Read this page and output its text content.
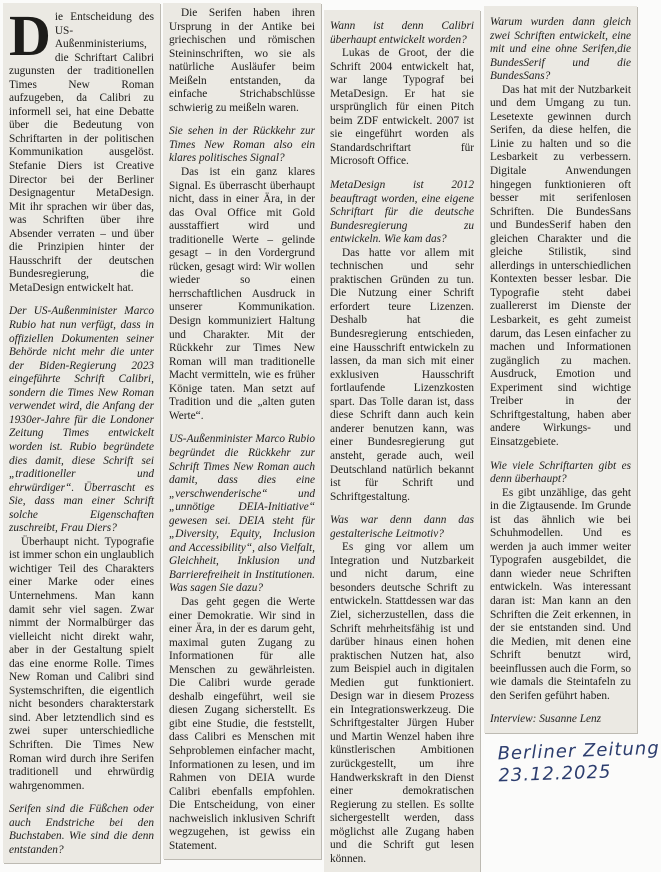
Die Entscheidung des US-Außenministeriums, die Schriftart Calibri zugunsten der traditionellen Times New Roman aufzugeben, da Calibri zu informell sei, hat eine Debatte über die Bedeutung von Schriftarten in der politischen Kommunikation ausgelöst. Stefanie Diers ist Creative Director bei der Berliner Designagentur MetaDesign. Mit ihr sprachen wir über das, was Schriften über ihre Absender verraten – und über die Prinzipien hinter der Hausschrift der deutschen Bundesregierung, die MetaDesign entwickelt hat.

Der US-Außenminister Marco Rubio hat nun verfügt, dass in offiziellen Dokumenten seiner Behörde nicht mehr die unter der Biden-Regierung 2023 eingeführte Schrift Calibri, sondern die Times New Roman verwendet wird, die Anfang der 1930er-Jahre für die Londoner Zeitung Times entwickelt worden ist. Rubio begründete dies damit, diese Schrift sei „traditioneller und ehrwürdiger“. Überrascht es Sie, dass man einer Schrift solche Eigenschaften zuschreibt, Frau Diers?

Überhaupt nicht. Typografie ist immer schon ein unglaublich wichtiger Teil des Charakters einer Marke oder eines Unternehmens. Man kann damit sehr viel sagen. Zwar nimmt der Normalbürger das vielleicht nicht direkt wahr, aber in der Gestaltung spielt das eine enorme Rolle. Times New Roman und Calibri sind Systemschriften, die eigentlich nicht besonders charakterstark sind. Aber letztendlich sind es zwei super unterschiedliche Schriften. Die Times New Roman wird durch ihre Serifen traditionell und ehrwürdig wahrgenommen.

Serifen sind die Füßchen oder auch Endstriche bei den Buchstaben. Wie sind die denn entstanden?

Die Serifen haben ihren Ursprung in der Antike bei griechischen und römischen Steininschriften, wo sie als natürliche Ausläufer beim Meißeln entstanden, da einfache Strichabschlüsse schwierig zu meißeln waren.

Sie sehen in der Rückkehr zur Times New Roman also ein klares politisches Signal?

Das ist ein ganz klares Signal. Es überrascht überhaupt nicht, dass in einer Ära, in der das Oval Office mit Gold ausstaffiert wird und traditionelle Werte – gelinde gesagt – in den Vordergrund rücken, gesagt wird: Wir wollen wieder so einen herrschaftlichen Ausdruck in unserer Kommunikation. Design kommuniziert Haltung und Charakter. Mit der Rückkehr zur Times New Roman will man traditionelle Macht vermitteln, wie es früher Könige taten. Man setzt auf Tradition und die „alten guten Werte“.

US-Außenminister Marco Rubio begründet die Rückkehr zur Schrift Times New Roman auch damit, dass dies eine „verschwenderische“ und „unnötige DEIA-Initiative“ gewesen sei. DEIA steht für „Diversity, Equity, Inclusion and Accessibility“, also Vielfalt, Gleichheit, Inklusion und Barrierefreiheit in Institutionen. Was sagen Sie dazu?

Das geht gegen die Werte einer Demokratie. Wir sind in einer Ära, in der es darum geht, maximal guten Zugang zu Informationen für alle Menschen zu gewährleisten. Die Calibri wurde gerade deshalb eingeführt, weil sie diesen Zugang sicherstellt. Es gibt eine Studie, die feststellt, dass Calibri es Menschen mit Sehproblemen einfacher macht, Informationen zu lesen, und im Rahmen von DEIA wurde Calibri ebenfalls empfohlen. Die Entscheidung, von einer nachweislich inklusiven Schrift wegzugehen, ist gewiss ein Statement.

Wann ist denn Calibri überhaupt entwickelt worden?

Lukas de Groot, der die Schrift 2004 entwickelt hat, war lange Typograf bei MetaDesign. Er hat sie ursprünglich für einen Pitch beim ZDF entwickelt. 2007 ist sie eingeführt worden als Standardschriftart für Microsoft Office.

MetaDesign ist 2012 beauftragt worden, eine eigene Schriftart für die deutsche Bundesregierung zu entwickeln. Wie kam das?

Das hatte vor allem mit technischen und sehr praktischen Gründen zu tun. Die Nutzung einer Schrift erfordert teure Lizenzen. Deshalb hat die Bundesregierung entschieden, eine Hausschrift entwickeln zu lassen, da man sich mit einer exklusiven Hausschrift fortlaufende Lizenzkosten spart. Das Tolle daran ist, dass diese Schrift dann auch kein anderer benutzen kann, was einer Bundesregierung gut ansteht, gerade auch, weil Deutschland natürlich bekannt ist für Schrift und Schriftgestaltung.

Was war denn dann das gestalterische Leitmotiv?

Es ging vor allem um Integration und Nutzbarkeit und nicht darum, eine besonders deutsche Schrift zu entwickeln. Stattdessen war das Ziel, sicherzustellen, dass die Schrift mehrheitsfähig ist und darüber hinaus einen hohen praktischen Nutzen hat, also zum Beispiel auch in digitalen Medien gut funktioniert. Design war in diesem Prozess ein Integrationswerkzeug. Die Schriftgestalter Jürgen Huber und Martin Wenzel haben ihre künstlerischen Ambitionen zurückgestellt, um ihre Handwerkskraft in den Dienst einer demokratischen Regierung zu stellen. Es sollte sichergestellt werden, dass möglichst alle Zugang haben und die Schrift gut lesen können.

Warum wurden dann gleich zwei Schriften entwickelt, eine mit und eine ohne Serifen,die BundesSerif und die BundesSans?

Das hat mit der Nutzbarkeit und dem Umgang zu tun. Lesetexte gewinnen durch Serifen, da diese helfen, die Linie zu halten und so die Lesbarkeit zu verbessern. Digitale Anwendungen hingegen funktionieren oft besser mit serifenlosen Schriften. Die BundesSans und BundesSerif haben den gleichen Charakter und die gleiche Stilistik, sind allerdings in unterschiedlichen Kontexten besser lesbar. Die Typografie steht dabei zuallererst im Dienste der Lesbarkeit, es geht zumeist darum, das Lesen einfacher zu machen und Informationen zugänglich zu machen. Ausdruck, Emotion und Experiment sind wichtige Treiber in der Schriftgestaltung, haben aber andere Wirkungs- und Einsatzgebiete.

Wie viele Schriftarten gibt es denn überhaupt?

Es gibt unzählige, das geht in die Zigtausende. Im Grunde ist das ähnlich wie bei Schuhmodellen. Und es werden ja auch immer weiter Typografen ausgebildet, die dann wieder neue Schriften entwickeln. Was interessant daran ist: Man kann an den Schriften die Zeit erkennen, in der sie entstanden sind. Und die Medien, mit denen eine Schrift benutzt wird, beeinflussen auch die Form, so wie damals die Steintafeln zu den Serifen geführt haben.

Interview: Susanne Lenz

Berliner Zeitung
23.12.2025
